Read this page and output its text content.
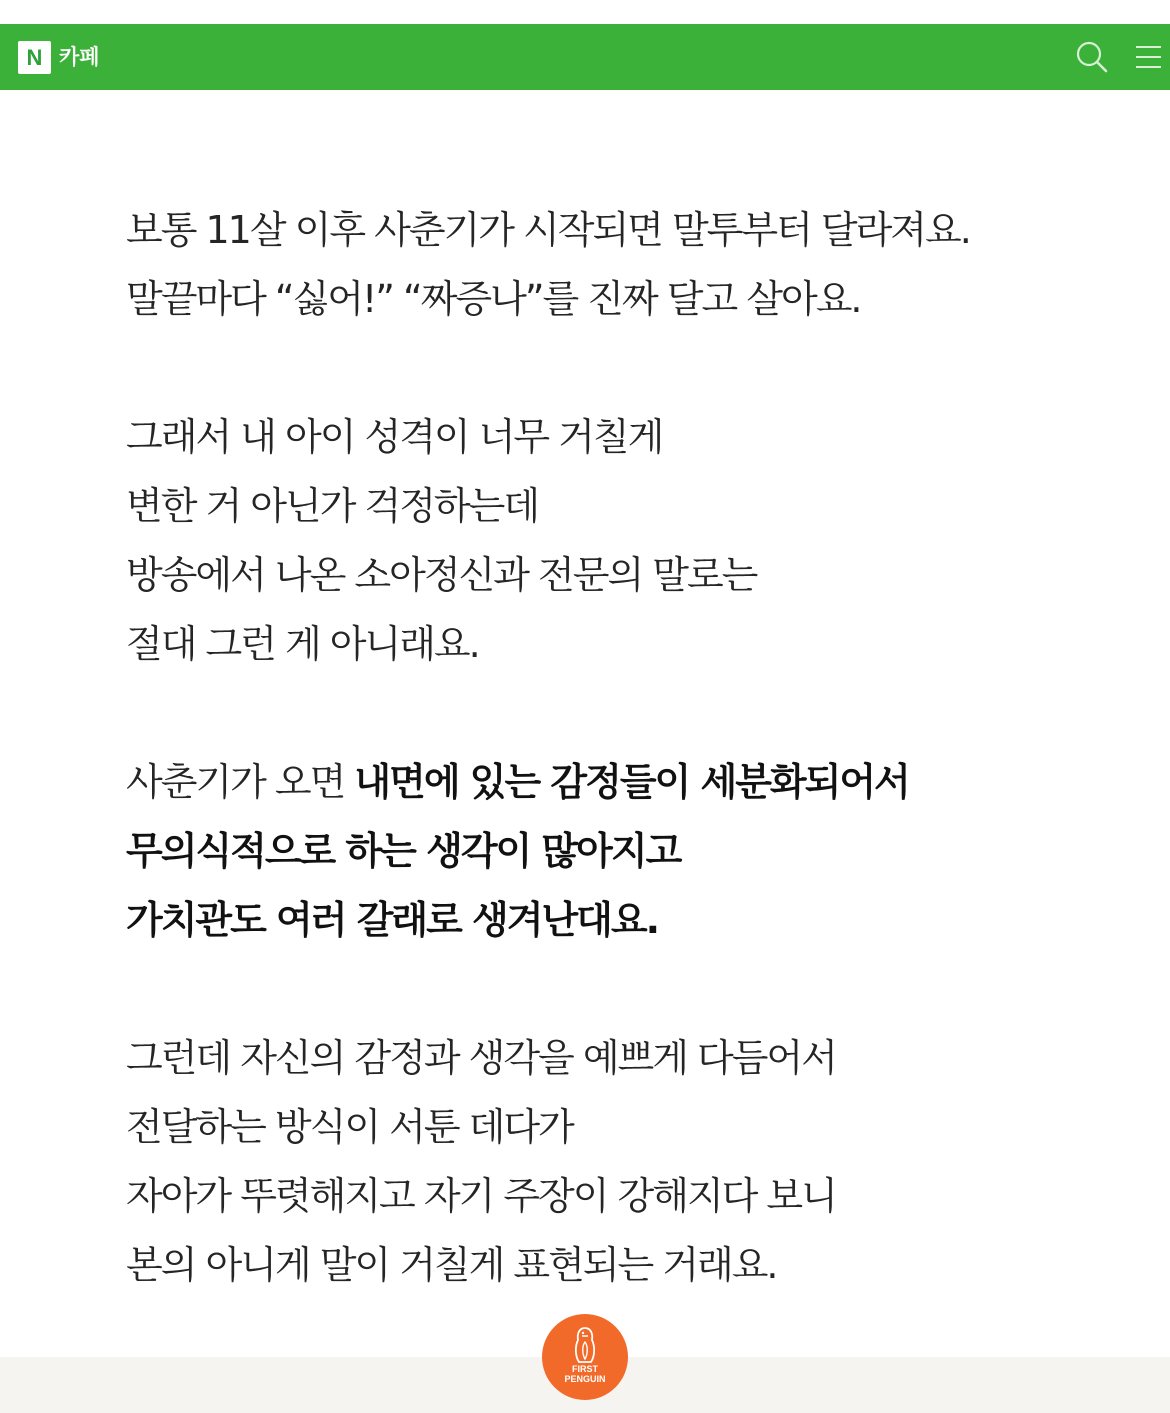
N 카페
보통 11살 이후 사춘기가 시작되면 말투부터 달라져요.
말끝마다 “싫어!” “짜증나”를 진짜 달고 살아요.
그래서 내 아이 성격이 너무 거칠게
변한 거 아닌가 걱정하는데
방송에서 나온 소아정신과 전문의 말로는
절대 그런 게 아니래요.
사춘기가 오면 내면에 있는 감정들이 세분화되어서
무의식적으로 하는 생각이 많아지고
가치관도 여러 갈래로 생겨난대요.
그런데 자신의 감정과 생각을 예쁘게 다듬어서
전달하는 방식이 서툰 데다가
자아가 뚜렷해지고 자기 주장이 강해지다 보니
본의 아니게 말이 거칠게 표현되는 거래요.
FIRST
PENGUIN
